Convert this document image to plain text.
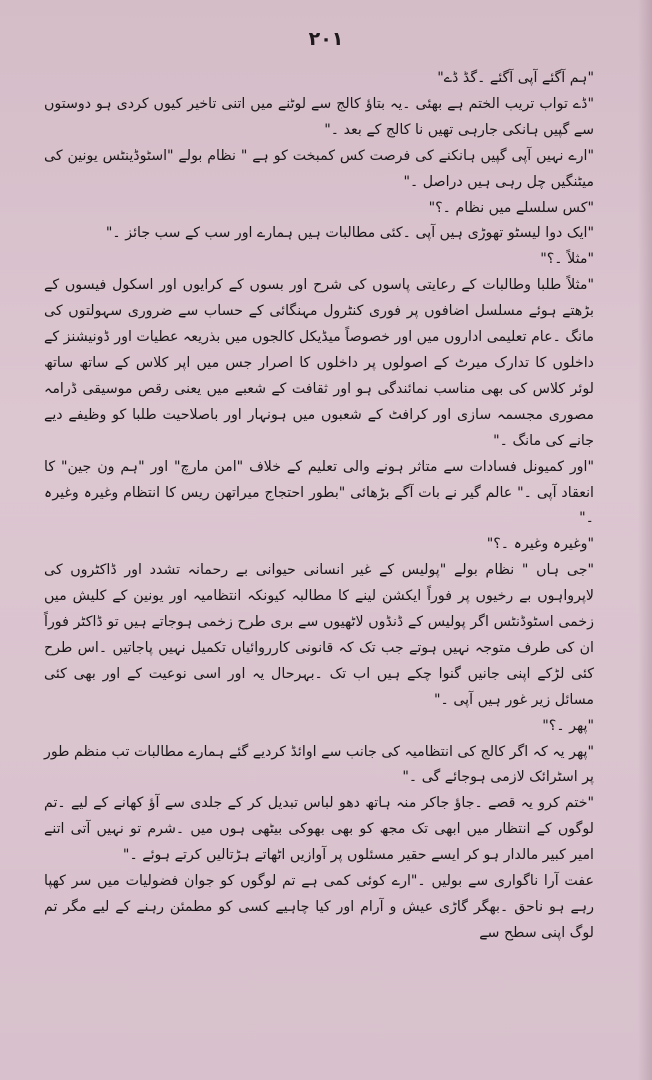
۲۰۱

"ہم آگئے آپی آگئے ۔گڈ ڈے"

"ڈے تواب تریب الختم ہے بھئی ۔یہ بتاؤ کالج سے لوٹنے میں اتنی تاخیر کیوں کردی ہو دوستوں سے گپیں ہانکی جارہی تھیں نا کالج کے بعد ۔"

"ارے نہیں آپی گپیں ہانکنے کی فرصت کس کمبخت کو ہے " نظام بولے "اسٹوڈینٹس یونین کی میٹنگیں چل رہی ہیں دراصل ۔"

"کس سلسلے میں نظام ۔؟"

"ایک دوا لیسٹو تھوڑی ہیں آپی ۔کئی مطالبات ہیں ہمارے اور سب کے سب جائز ۔"

"مثلاً ۔؟"

"مثلاً طلبا وطالبات کے رعایتی پاسوں کی شرح اور بسوں کے کرایوں اور اسکول فیسوں کے بڑھتے ہوئے مسلسل اضافوں پر فوری کنٹرول مہنگائی کے حساب سے ضروری سہولتوں کی مانگ ۔عام تعلیمی اداروں میں اور خصوصاً میڈیکل کالجوں میں بذریعہ عطیات اور ڈونیشنز کے داخلوں کا تدارک میرٹ کے اصولوں پر داخلوں کا اصرار جس میں اپر کلاس کے ساتھ ساتھ لوئر کلاس کی بھی مناسب نمائندگی ہو اور ثقافت کے شعبے میں یعنی رقص موسیقی ڈرامہ مصوری مجسمہ سازی اور کرافٹ کے شعبوں میں ہونہار اور باصلاحیت طلبا کو وظیفے دیے جانے کی مانگ ۔"

"اور کمیونل فسادات سے متاثر ہونے والی تعلیم کے خلاف "امن مارچ" اور "ہم ون جین" کا انعقاد آپی ۔" عالم گیر نے بات آگے بڑھائی "بطور احتجاج میراتھن ریس کا انتظام وغیرہ وغیرہ ۔"

"وغیرہ وغیرہ ۔؟"

"جی ہاں " نظام بولے "پولیس کے غیر انسانی حیوانی بے رحمانہ تشدد اور ڈاکٹروں کی لاپرواہوں بے رخیوں پر فوراً ایکشن لینے کا مطالبہ کیونکہ انتظامیہ اور یونین کے کلیش میں زخمی اسٹوڈنٹس اگر پولیس کے ڈنڈوں لاٹھیوں سے بری طرح زخمی ہوجاتے ہیں تو ڈاکٹر فوراً ان کی طرف متوجہ نہیں ہوتے جب تک کہ قانونی کارروائیاں تکمیل نہیں پاجاتیں ۔اس طرح کئی لڑکے اپنی جانیں گنوا چکے ہیں اب تک ۔بہرحال یہ اور اسی نوعیت کے اور بھی کئی مسائل زیر غور ہیں آپی ۔"

"پھر ۔؟"

"پھر یہ کہ اگر کالج کی انتظامیہ کی جانب سے اوائڈ کردیے گئے ہمارے مطالبات تب منظم طور پر اسٹرائک لازمی ہوجائے گی ۔"

"ختم کرو یہ قصے ۔جاؤ جاکر منہ ہاتھ دھو لباس تبدیل کر کے جلدی سے آؤ کھانے کے لیے ۔تم لوگوں کے انتظار میں ابھی تک مجھ کو بھی بھوکی بیٹھی ہوں میں ۔شرم تو نہیں آتی اتنے امیر کبیر مالدار ہو کر ایسے حقیر مسئلوں پر آوازیں اٹھاتے ہڑتالیں کرتے ہوئے ۔"

عفت آرا ناگواری سے بولیں ۔"ارے کوئی کمی ہے تم لوگوں کو جوان فضولیات میں سر کھپا رہے ہو ناحق ۔بھگر گاڑی عیش و آرام اور کیا چاہیے کسی کو مطمئن رہنے کے لیے مگر تم لوگ اپنی سطح سے
